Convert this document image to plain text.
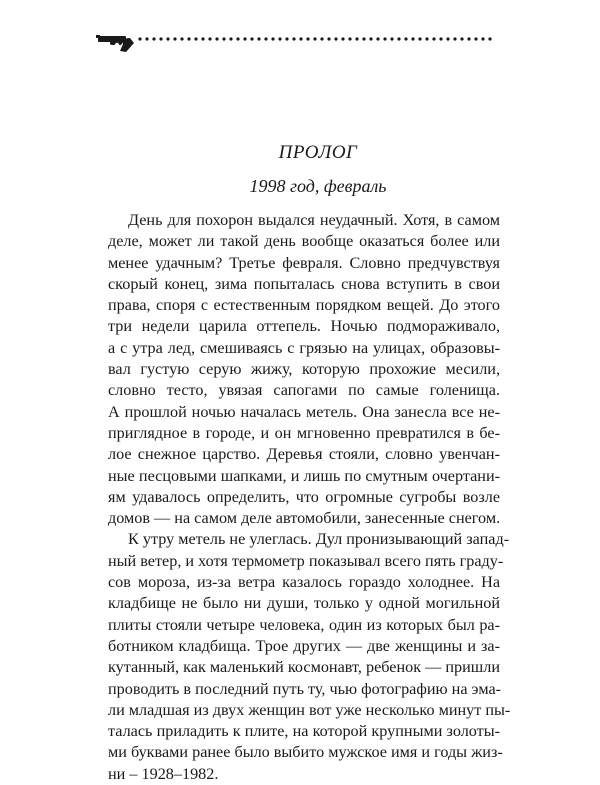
ПРОЛОГ
1998 год, февраль
День для похорон выдался неудачный. Хотя, в самом
деле, может ли такой день вообще оказаться более или
менее удачным? Третье февраля. Словно предчувствуя
скорый конец, зима попыталась снова вступить в свои
права, споря с естественным порядком вещей. До этого
три недели царила оттепель. Ночью подмораживало,
а с утра лед, смешиваясь с грязью на улицах, образовы-
вал густую серую жижу, которую прохожие месили,
словно тесто, увязая сапогами по самые голенища.
А прошлой ночью началась метель. Она занесла все не-
приглядное в городе, и он мгновенно превратился в бе-
лое снежное царство. Деревья стояли, словно увенчан-
ные песцовыми шапками, и лишь по смутным очертани-
ям удавалось определить, что огромные сугробы возле
домов — на самом деле автомобили, занесенные снегом.
К утру метель не улеглась. Дул пронизывающий запад-
ный ветер, и хотя термометр показывал всего пять граду-
сов мороза, из-за ветра казалось гораздо холоднее. На
кладбище не было ни души, только у одной могильной
плиты стояли четыре человека, один из которых был ра-
ботником кладбища. Трое других — две женщины и за-
кутанный, как маленький космонавт, ребенок — пришли
проводить в последний путь ту, чью фотографию на эма-
ли младшая из двух женщин вот уже несколько минут пы-
талась приладить к плите, на которой крупными золоты-
ми буквами ранее было выбито мужское имя и годы жиз-
ни – 1928–1982.
